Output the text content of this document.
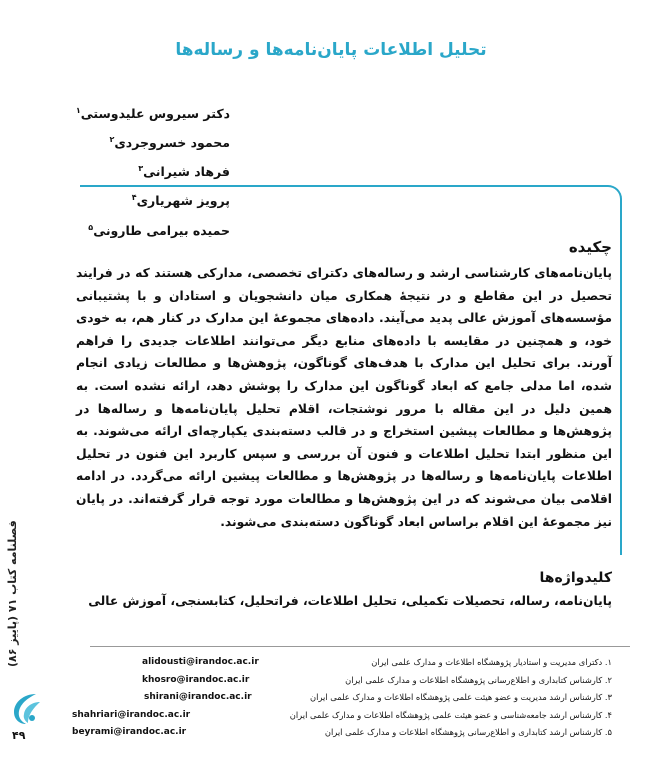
تحلیل اطلاعات پایان‌نامه‌ها و رساله‌ها
دکتر سیروس علیدوستی$^۱$
محمود خسروجردی$^۲$
فرهاد شیرانی$^۳$
پرویز شهریاری$^۴$
حمیده بیرامی طارونی$^۵$
چکیده
پایان‌نامه‌های کارشناسی ارشد و رساله‌های دکترای تخصصی، مدارکی هستند که در فرایند تحصیل در این مقاطع و در نتیجهٔ همکاری میان دانشجویان و استادان و با پشتیبانی مؤسسه‌های آموزش عالی پدید می‌آیند. داده‌های مجموعهٔ این مدارک در کنار هم، به خودی خود، و همچنین در مقایسه با داده‌های منابع دیگر می‌توانند اطلاعات جدیدی را فراهم آورند. برای تحلیل این مدارک با هدف‌های گوناگون، پژوهش‌ها و مطالعات زیادی انجام شده، اما مدلی جامع که ابعاد گوناگون این مدارک را پوشش دهد، ارائه نشده است. به همین دلیل در این مقاله با مرور نوشتجات، اقلام تحلیل پایان‌نامه‌ها و رساله‌ها در پژوهش‌ها و مطالعات پیشین استخراج و در قالب دسته‌بندی یکپارچه‌ای ارائه می‌شوند. به این منظور ابتدا تحلیل اطلاعات و فنون آن بررسی و سپس کاربرد این فنون در تحلیل اطلاعات پایان‌نامه‌ها و رساله‌ها در پژوهش‌ها و مطالعات پیشین ارائه می‌گردد. در ادامه اقلامی بیان می‌شوند که در این پژوهش‌ها و مطالعات مورد توجه قرار گرفته‌اند. در پایان نیز مجموعهٔ این اقلام براساس ابعاد گوناگون دسته‌بندی می‌شوند.
کلیدواژه‌ها
پایان‌نامه، رساله، تحصیلات تکمیلی، تحلیل اطلاعات، فراتحلیل، کتابسنجی، آموزش عالی
۱. دکترای مدیریت و استادیار پژوهشگاه اطلاعات و مدارک علمی ایران
alidousti@irandoc.ac.ir
۲. کارشناس کتابداری و اطلاع‌رسانی پژوهشگاه اطلاعات و مدارک علمی ایران
khosro@irandoc.ac.ir
۳. کارشناس ارشد مدیریت و عضو هیئت علمی پژوهشگاه اطلاعات و مدارک علمی ایران
shirani@irandoc.ac.ir
۴. کارشناس ارشد جامعه‌شناسی و عضو هیئت علمی پژوهشگاه اطلاعات و مدارک علمی ایران
shahriari@irandoc.ac.ir
۵. کارشناس ارشد کتابداری و اطلاع‌رسانی پژوهشگاه اطلاعات و مدارک علمی ایران
beyrami@irandoc.ac.ir
فصلنامه کتاب ۷۱ (پاییز ۸۶)
۴۹
